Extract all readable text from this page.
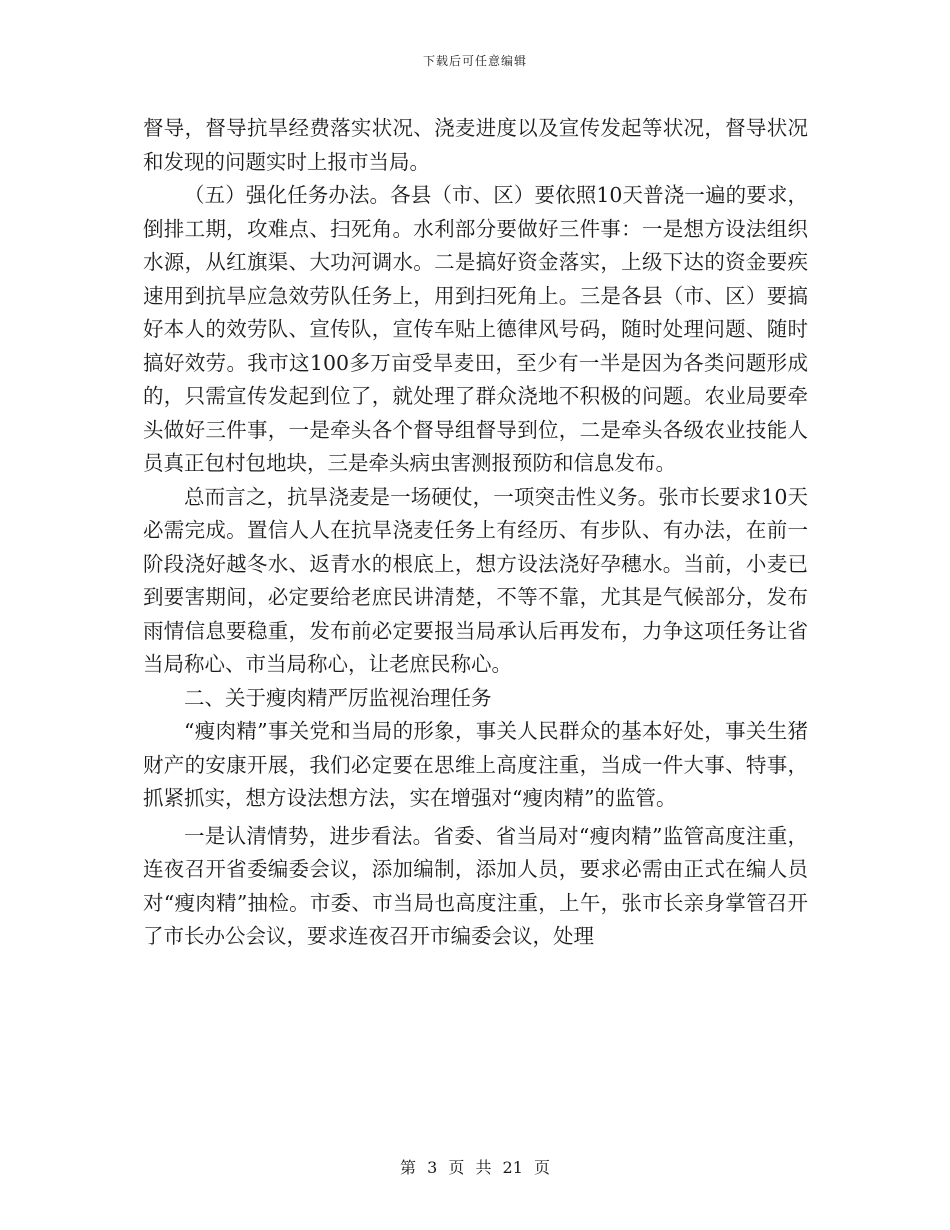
下载后可任意编辑

督导，督导抗旱经费落实状况、浇麦进度以及宣传发起等状况，督导状况和发现的问题实时上报市当局。

（五）强化任务办法。各县（市、区）要依照10天普浇一遍的要求，倒排工期，攻难点、扫死角。水利部分要做好三件事：一是想方设法组织水源，从红旗渠、大功河调水。二是搞好资金落实，上级下达的资金要疾速用到抗旱应急效劳队任务上，用到扫死角上。三是各县（市、区）要搞好本人的效劳队、宣传队，宣传车贴上德律风号码，随时处理问题、随时搞好效劳。我市这100多万亩受旱麦田，至少有一半是因为各类问题形成的，只需宣传发起到位了，就处理了群众浇地不积极的问题。农业局要牵头做好三件事，一是牵头各个督导组督导到位，二是牵头各级农业技能人员真正包村包地块，三是牵头病虫害测报预防和信息发布。

总而言之，抗旱浇麦是一场硬仗，一项突击性义务。张市长要求10天必需完成。置信人人在抗旱浇麦任务上有经历、有步队、有办法，在前一阶段浇好越冬水、返青水的根底上，想方设法浇好孕穗水。当前，小麦已到要害期间，必定要给老庶民讲清楚，不等不靠，尤其是气候部分，发布雨情信息要稳重，发布前必定要报当局承认后再发布，力争这项任务让省当局称心、市当局称心，让老庶民称心。

二、关于瘦肉精严厉监视治理任务

“瘦肉精”事关党和当局的形象，事关人民群众的基本好处，事关生猪财产的安康开展，我们必定要在思维上高度注重，当成一件大事、特事，抓紧抓实，想方设法想方法，实在增强对“瘦肉精”的监管。

一是认清情势，进步看法。省委、省当局对“瘦肉精”监管高度注重，连夜召开省委编委会议，添加编制，添加人员，要求必需由正式在编人员对“瘦肉精”抽检。市委、市当局也高度注重，上午，张市长亲身掌管召开了市长办公会议，要求连夜召开市编委会议，处理

第 3 页 共 21 页
